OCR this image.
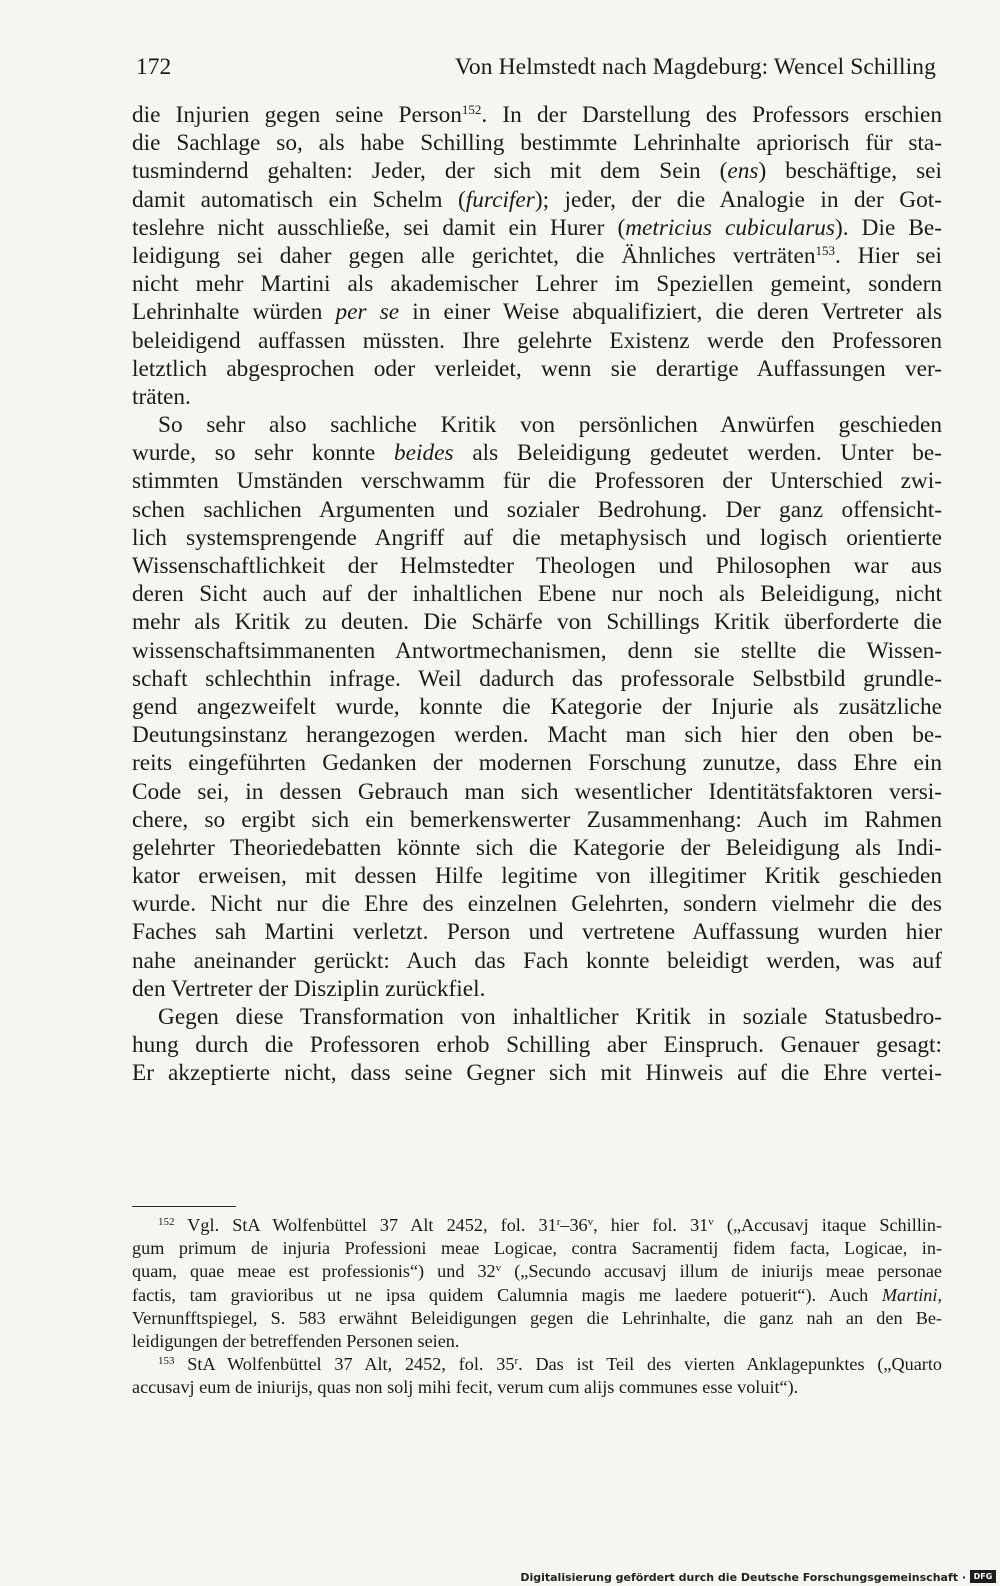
172	Von Helmstedt nach Magdeburg: Wencel Schilling
die Injurien gegen seine Person$^{152}$. In der Darstellung des Professors erschien
die Sachlage so, als habe Schilling bestimmte Lehrinhalte apriorisch für sta-
tusmindernd gehalten: Jeder, der sich mit dem Sein (ens) beschäftige, sei
damit automatisch ein Schelm (furcifer); jeder, der die Analogie in der Got-
teslehre nicht ausschließe, sei damit ein Hurer (metricius cubicularus). Die Be-
leidigung sei daher gegen alle gerichtet, die Ähnliches verträten$^{153}$. Hier sei
nicht mehr Martini als akademischer Lehrer im Speziellen gemeint, sondern
Lehrinhalte würden per se in einer Weise abqualifiziert, die deren Vertreter als
beleidigend auffassen müssten. Ihre gelehrte Existenz werde den Professoren
letztlich abgesprochen oder verleidet, wenn sie derartige Auffassungen ver-
träten.
So sehr also sachliche Kritik von persönlichen Anwürfen geschieden
wurde, so sehr konnte beides als Beleidigung gedeutet werden. Unter be-
stimmten Umständen verschwamm für die Professoren der Unterschied zwi-
schen sachlichen Argumenten und sozialer Bedrohung. Der ganz offensicht-
lich systemsprengende Angriff auf die metaphysisch und logisch orientierte
Wissenschaftlichkeit der Helmstedter Theologen und Philosophen war aus
deren Sicht auch auf der inhaltlichen Ebene nur noch als Beleidigung, nicht
mehr als Kritik zu deuten. Die Schärfe von Schillings Kritik überforderte die
wissenschaftsimmanenten Antwortmechanismen, denn sie stellte die Wissen-
schaft schlechthin infrage. Weil dadurch das professorale Selbstbild grundle-
gend angezweifelt wurde, konnte die Kategorie der Injurie als zusätzliche
Deutungsinstanz herangezogen werden. Macht man sich hier den oben be-
reits eingeführten Gedanken der modernen Forschung zunutze, dass Ehre ein
Code sei, in dessen Gebrauch man sich wesentlicher Identitätsfaktoren versi-
chere, so ergibt sich ein bemerkenswerter Zusammenhang: Auch im Rahmen
gelehrter Theoriedebatten könnte sich die Kategorie der Beleidigung als Indi-
kator erweisen, mit dessen Hilfe legitime von illegitimer Kritik geschieden
wurde. Nicht nur die Ehre des einzelnen Gelehrten, sondern vielmehr die des
Faches sah Martini verletzt. Person und vertretene Auffassung wurden hier
nahe aneinander gerückt: Auch das Fach konnte beleidigt werden, was auf
den Vertreter der Disziplin zurückfiel.
Gegen diese Transformation von inhaltlicher Kritik in soziale Statusbedro-
hung durch die Professoren erhob Schilling aber Einspruch. Genauer gesagt:
Er akzeptierte nicht, dass seine Gegner sich mit Hinweis auf die Ehre vertei-
$^{152}$ Vgl. StA Wolfenbüttel 37 Alt 2452, fol. 31$^r$–36$^v$, hier fol. 31$^v$ („Accusavj itaque Schillin-
gum primum de injuria Professioni meae Logicae, contra Sacramentij fidem facta, Logicae, in-
quam, quae meae est professionis“) und 32$^v$ („Secundo accusavj illum de iniurijs meae personae
factis, tam gravioribus ut ne ipsa quidem Calumnia magis me laedere potuerit“). Auch Martini,
Vernunfftspiegel, S. 583 erwähnt Beleidigungen gegen die Lehrinhalte, die ganz nah an den Be-
leidigungen der betreffenden Personen seien.
$^{153}$ StA Wolfenbüttel 37 Alt, 2452, fol. 35$^r$. Das ist Teil des vierten Anklagepunktes („Quarto
accusavj eum de iniurijs, quas non solj mihi fecit, verum cum alijs communes esse voluit“).
Digitalisierung gefördert durch die Deutsche Forschungsgemeinschaft · DFG
